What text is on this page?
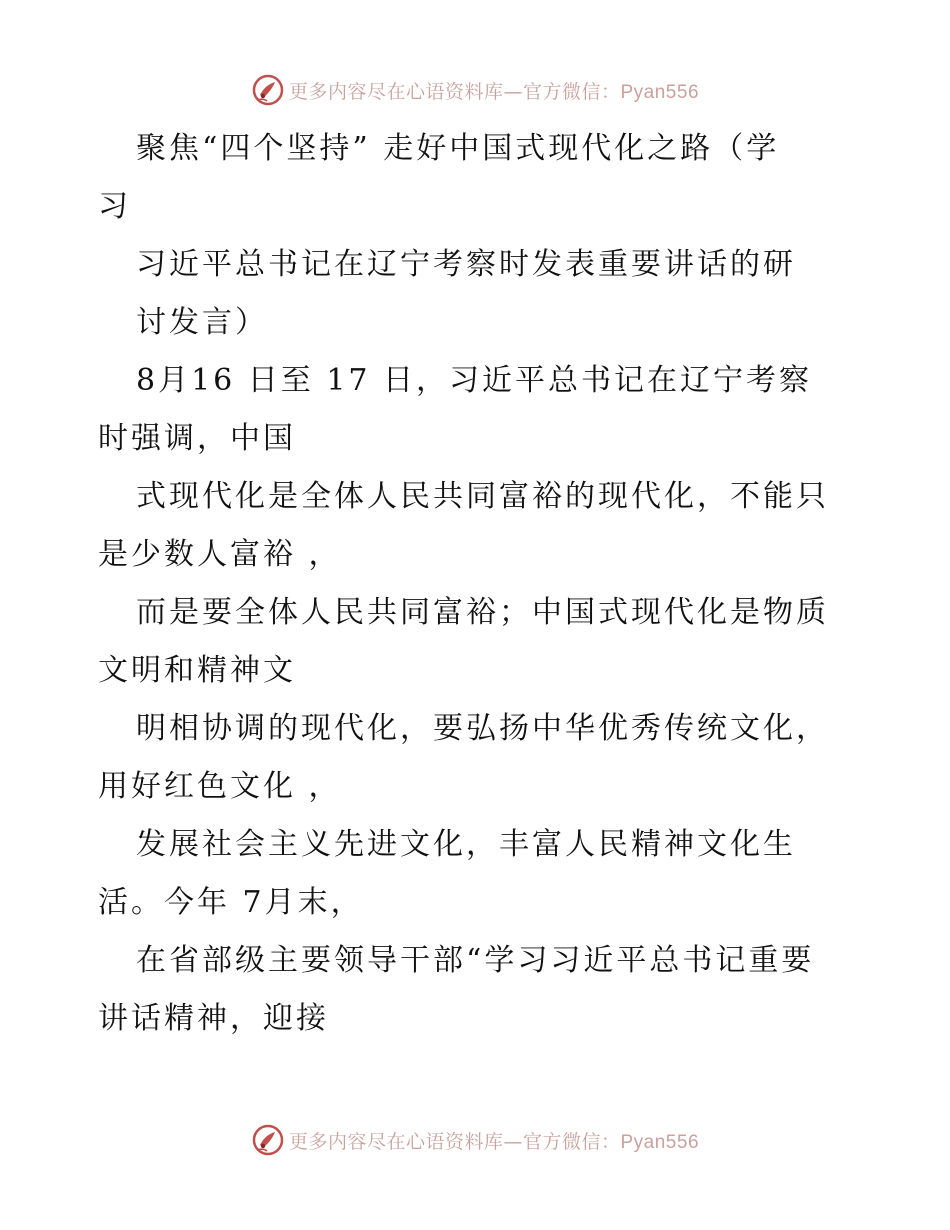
更多内容尽在心语资料库—官方微信：Pyan556

聚焦“四个坚持” 走好中国式现代化之路（学

习

习近平总书记在辽宁考察时发表重要讲话的研

讨发言）

8月16 日至 17 日，习近平总书记在辽宁考察

时强调，中国

式现代化是全体人民共同富裕的现代化，不能只

是少数人富裕 ，

而是要全体人民共同富裕；中国式现代化是物质

文明和精神文

明相协调的现代化，要弘扬中华优秀传统文化，

用好红色文化 ，

发展社会主义先进文化，丰富人民精神文化生

活。今年 7月末，

在省部级主要领导干部“学习习近平总书记重要

讲话精神，迎接

更多内容尽在心语资料库—官方微信：Pyan556
